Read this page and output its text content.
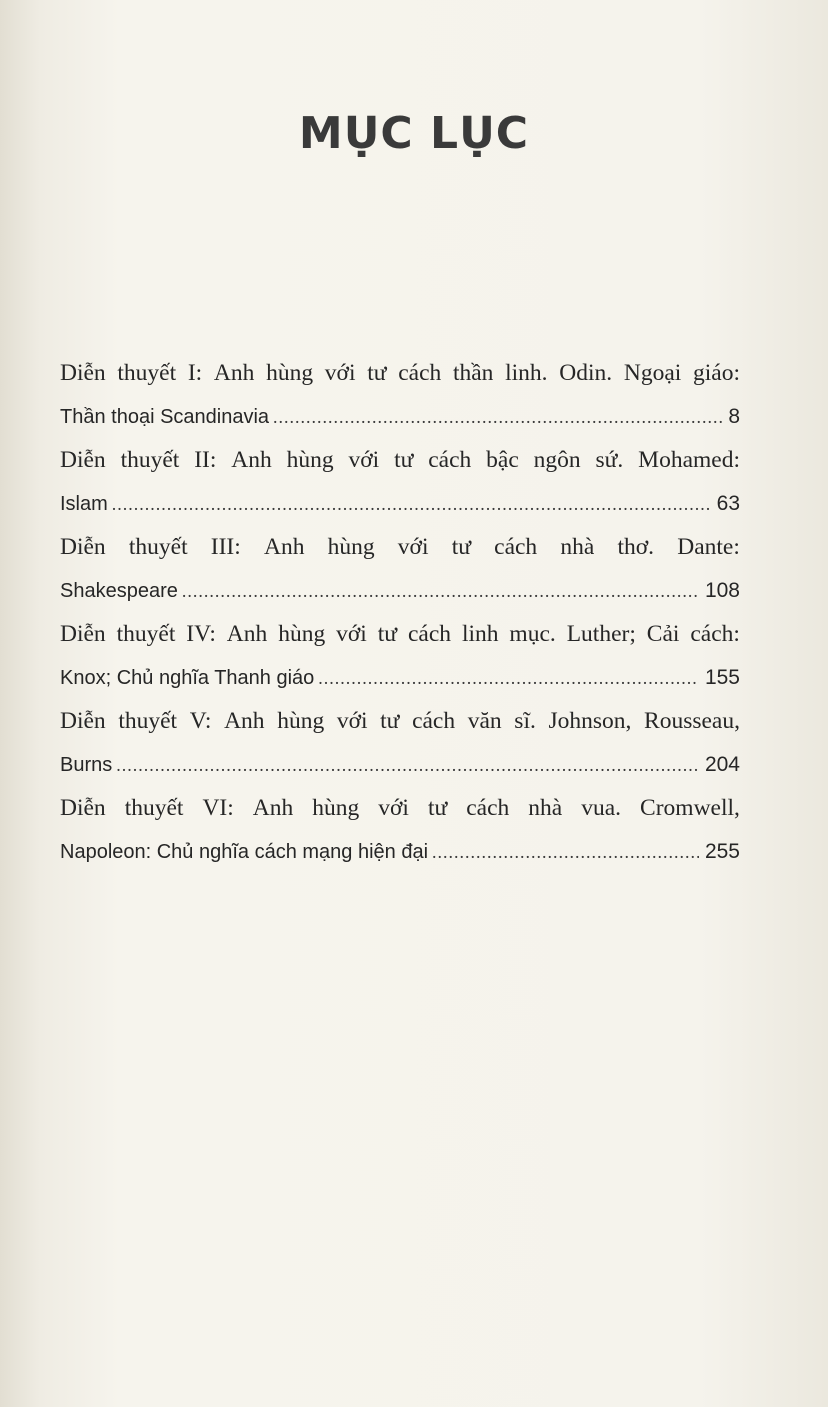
MỤC LỤC
Diễn thuyết I: Anh hùng với tư cách thần linh. Odin. Ngoại giáo:
Thần thoại Scandinavia .....	8
Diễn thuyết II: Anh hùng với tư cách bậc ngôn sứ. Mohamed:
Islam .....	63
Diễn thuyết III: Anh hùng với tư cách nhà thơ. Dante:
Shakespeare .....	108
Diễn thuyết IV: Anh hùng với tư cách linh mục. Luther; Cải cách:
Knox; Chủ nghĩa Thanh giáo .....	155
Diễn thuyết V: Anh hùng với tư cách văn sĩ. Johnson, Rousseau,
Burns .....	204
Diễn thuyết VI: Anh hùng với tư cách nhà vua. Cromwell,
Napoleon: Chủ nghĩa cách mạng hiện đại .....	255
